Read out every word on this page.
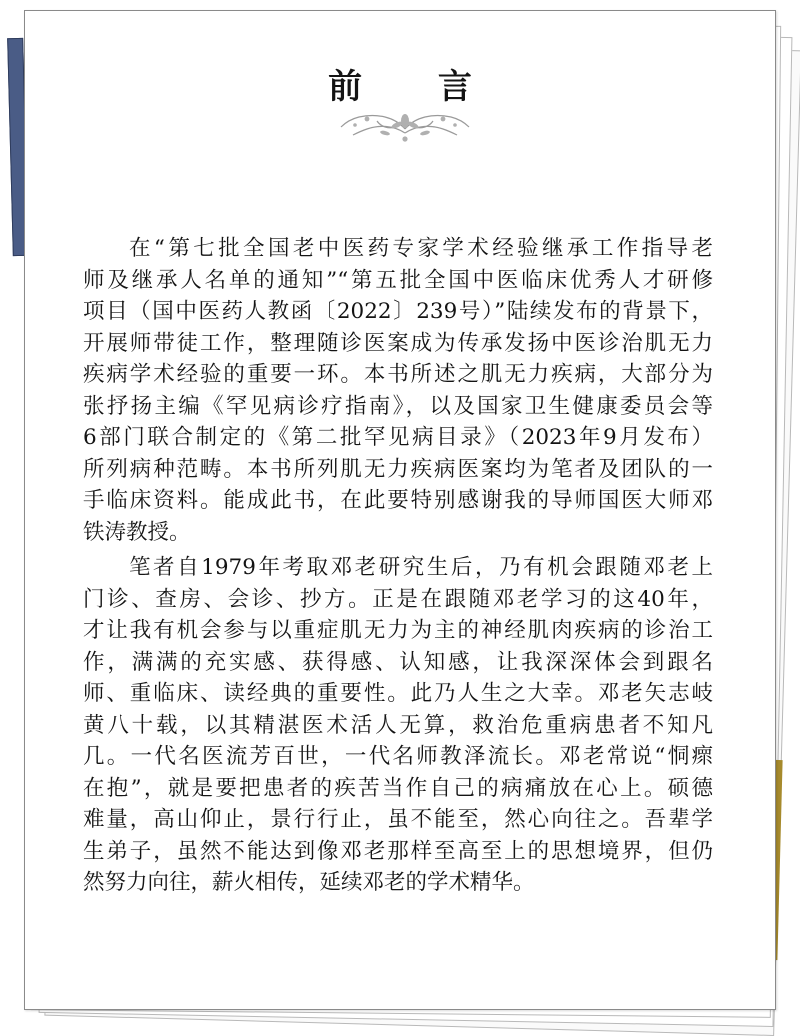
前 言
在“第七批全国老中医药专家学术经验继承工作指导老
师及继承人名单的通知”“第五批全国中医临床优秀人才研修
项目（国中医药人教函〔2022〕239号）”陆续发布的背景下，
开展师带徒工作，整理随诊医案成为传承发扬中医诊治肌无力
疾病学术经验的重要一环。本书所述之肌无力疾病，大部分为
张抒扬主编《罕见病诊疗指南》，以及国家卫生健康委员会等
6部门联合制定的《第二批罕见病目录》（2023年9月发布）
所列病种范畴。本书所列肌无力疾病医案均为笔者及团队的一
手临床资料。能成此书，在此要特别感谢我的导师国医大师邓
铁涛教授。
笔者自1979年考取邓老研究生后，乃有机会跟随邓老上
门诊、查房、会诊、抄方。正是在跟随邓老学习的这40年，
才让我有机会参与以重症肌无力为主的神经肌肉疾病的诊治工
作，满满的充实感、获得感、认知感，让我深深体会到跟名
师、重临床、读经典的重要性。此乃人生之大幸。邓老矢志岐
黄八十载，以其精湛医术活人无算，救治危重病患者不知凡
几。一代名医流芳百世，一代名师教泽流长。邓老常说“恫瘝
在抱”，就是要把患者的疾苦当作自己的病痛放在心上。硕德
难量，高山仰止，景行行止，虽不能至，然心向往之。吾辈学
生弟子，虽然不能达到像邓老那样至高至上的思想境界，但仍
然努力向往，薪火相传，延续邓老的学术精华。
